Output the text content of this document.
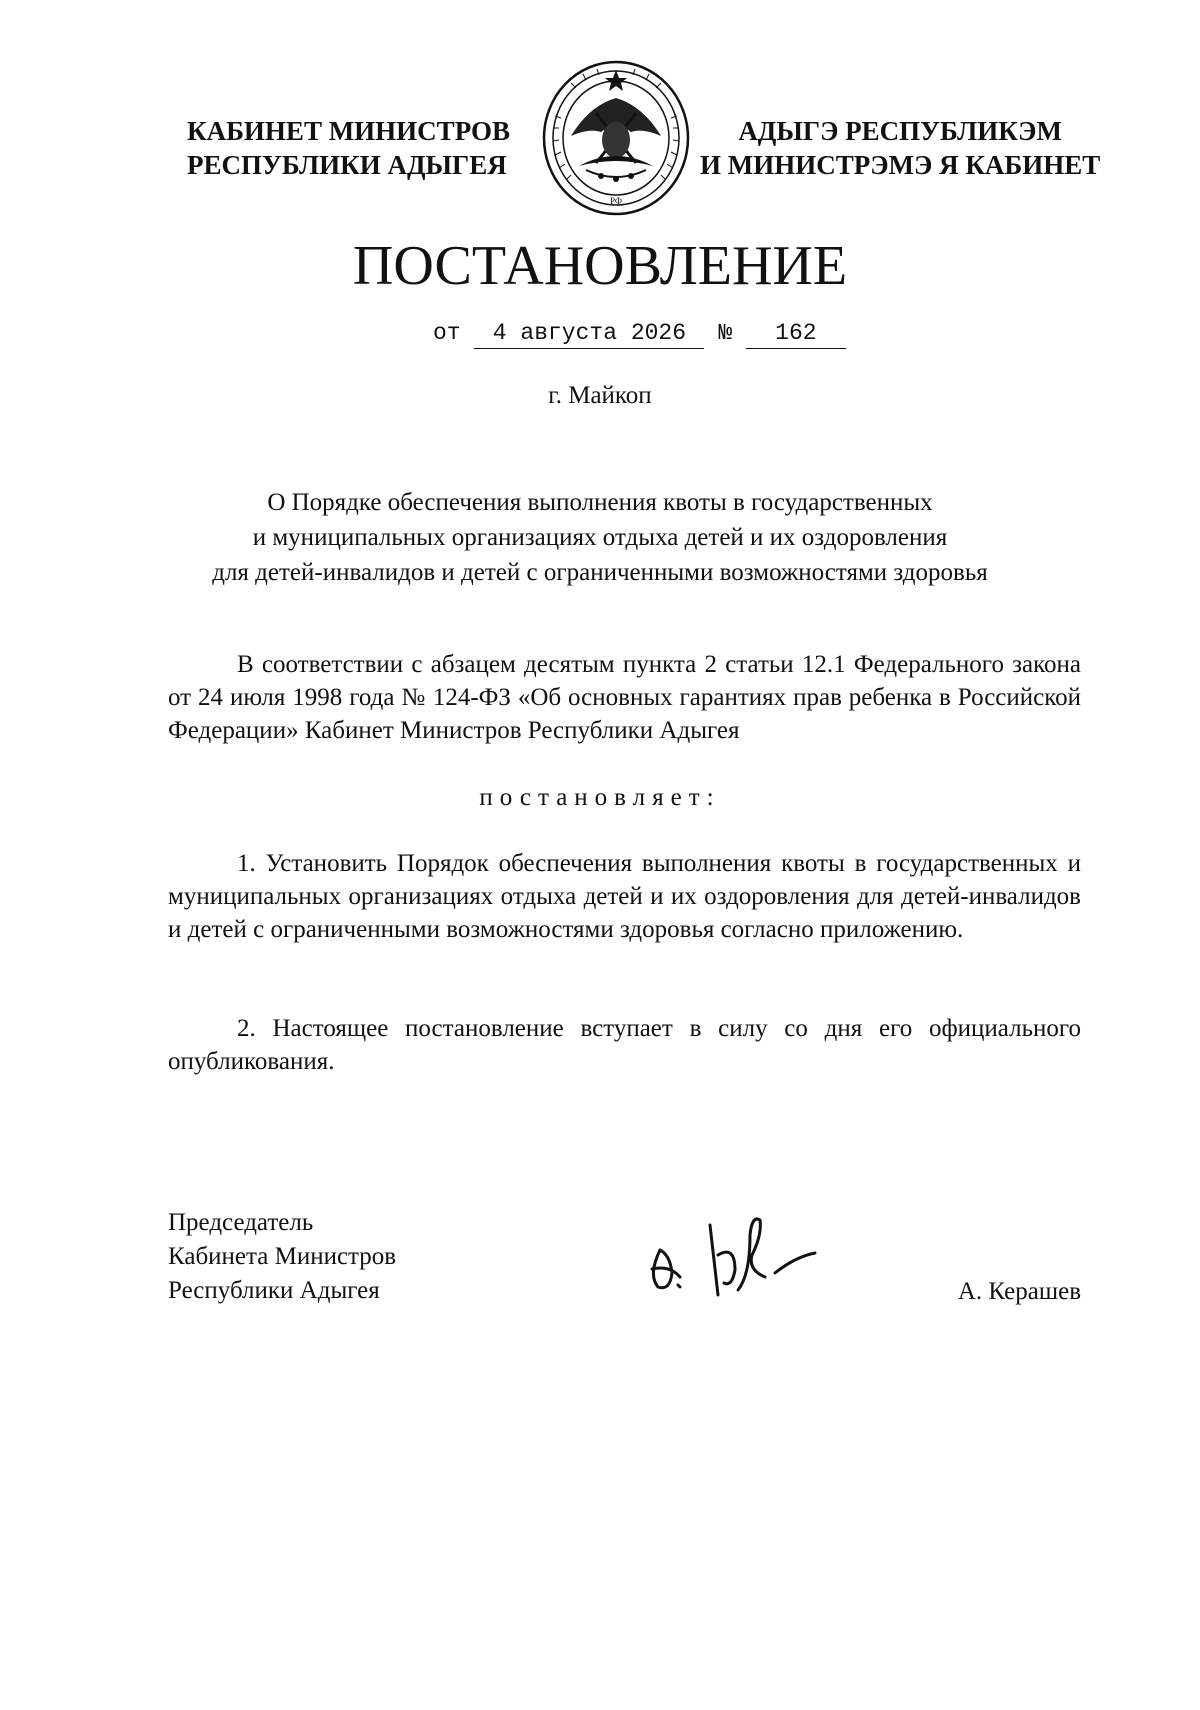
КАБИНЕТ МИНИСТРОВ
РЕСПУБЛИКИ АДЫГЕЯ
РФ
АДЫГЭ РЕСПУБЛИКЭМ
И МИНИСТРЭМЭ Я КАБИНЕТ
ПОСТАНОВЛЕНИЕ
от 4 августа 2026 № 162
г. Майкоп
О Порядке обеспечения выполнения квоты в государственных
и муниципальных организациях отдыха детей и их оздоровления
для детей-инвалидов и детей с ограниченными возможностями здоровья
В соответствии с абзацем десятым пункта 2 статьи 12.1 Федерального закона от 24 июля 1998 года № 124-ФЗ «Об основных гарантиях прав ребенка в Российской Федерации» Кабинет Министров Республики Адыгея
постановляет:
1. Установить Порядок обеспечения выполнения квоты в государственных и муниципальных организациях отдыха детей и их оздоровления для детей-инвалидов и детей с ограниченными возможностями здоровья согласно приложению.
2. Настоящее постановление вступает в силу со дня его официального опубликования.
Председатель
Кабинета Министров
Республики Адыгея	А. Керашев
